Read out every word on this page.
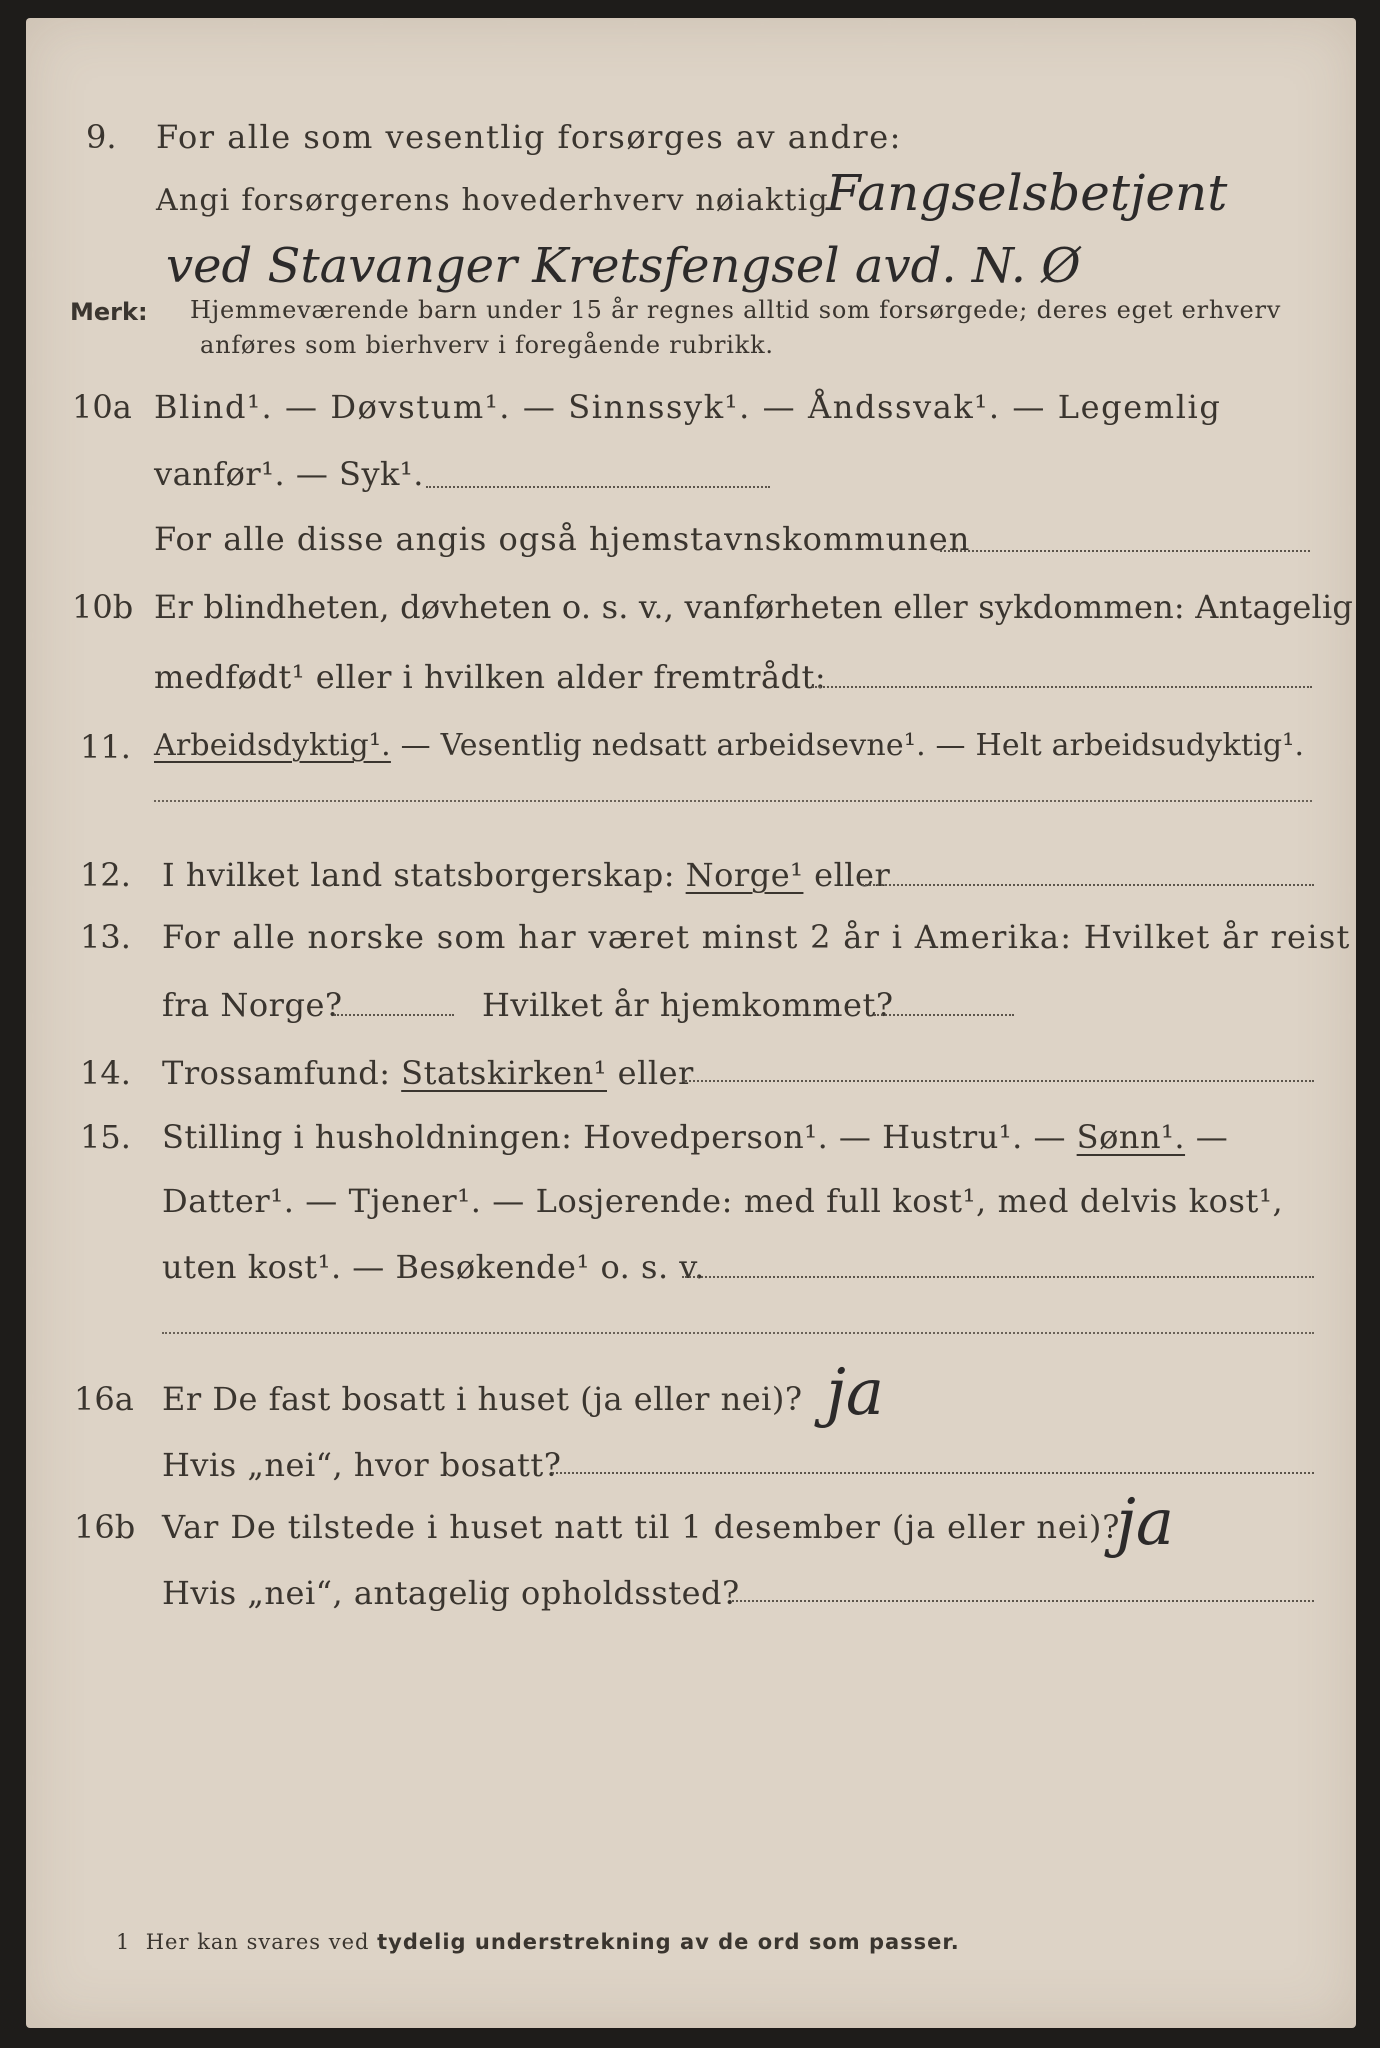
9. For alle som vesentlig forsørges av andre:
Angi forsørgerens hovederhverv nøiaktig
Fangselsbetjent
ved Stavanger Kretsfengsel avd. N. Ø
Merk: Hjemmeværende barn under 15 år regnes alltid som forsørgede; deres eget erhverv
anføres som bierhverv i foregående rubrikk.
10a Blind¹. — Døvstum¹. — Sinnssyk¹. — Åndssvak¹. — Legemlig
vanfør¹. — Syk¹.
For alle disse angis også hjemstavnskommunen
10b Er blindheten, døvheten o. s. v., vanførheten eller sykdommen: Antagelig
medfødt¹ eller i hvilken alder fremtrådt:
11. Arbeidsdyktig¹. — Vesentlig nedsatt arbeidsevne¹. — Helt arbeidsudyktig¹.
12. I hvilket land statsborgerskap: Norge¹ eller
13. For alle norske som har været minst 2 år i Amerika: Hvilket år reist
fra Norge?	Hvilket år hjemkommet?
14. Trossamfund: Statskirken¹ eller
15. Stilling i husholdningen: Hovedperson¹. — Hustru¹. — Sønn¹. —
Datter¹. — Tjener¹. — Losjerende: med full kost¹, med delvis kost¹,
uten kost¹. — Besøkende¹ o. s. v.
16a Er De fast bosatt i huset (ja eller nei)? ja
Hvis „nei“, hvor bosatt?
16b Var De tilstede i huset natt til 1 desember (ja eller nei)?
ja
Hvis „nei“, antagelig opholdssted?
1 Her kan svares ved tydelig understrekning av de ord som passer.
